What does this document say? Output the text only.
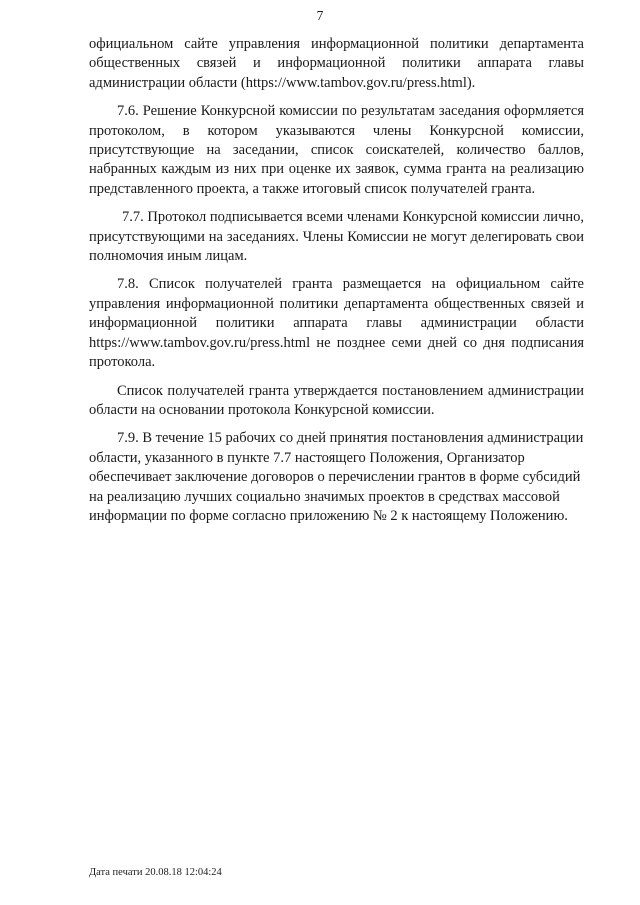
7

официальном сайте управления информационной политики департамента общественных связей и информационной политики аппарата главы администрации области (https://www.tambov.gov.ru/press.html).

7.6. Решение Конкурсной комиссии по результатам заседания оформляется протоколом, в котором указываются члены Конкурсной комиссии, присутствующие на заседании, список соискателей, количество баллов, набранных каждым из них при оценке их заявок, сумма гранта на реализацию представленного проекта, а также итоговый список получателей гранта.

7.7. Протокол подписывается всеми членами Конкурсной комиссии лично, присутствующими на заседаниях. Члены Комиссии не могут делегировать свои полномочия иным лицам.

7.8. Список получателей гранта размещается на официальном сайте управления информационной политики департамента общественных связей и информационной политики аппарата главы администрации области https://www.tambov.gov.ru/press.html не позднее семи дней со дня подписания протокола.

Список получателей гранта утверждается постановлением администрации области на основании протокола Конкурсной комиссии.

7.9. В течение 15 рабочих со дней принятия постановления администрации области, указанного в пункте 7.7 настоящего Положения, Организатор обеспечивает заключение договоров о перечислении грантов в форме субсидий на реализацию лучших социально значимых проектов в средствах массовой информации по форме согласно приложению № 2 к настоящему Положению.

Дата печати 20.08.18 12:04:24
